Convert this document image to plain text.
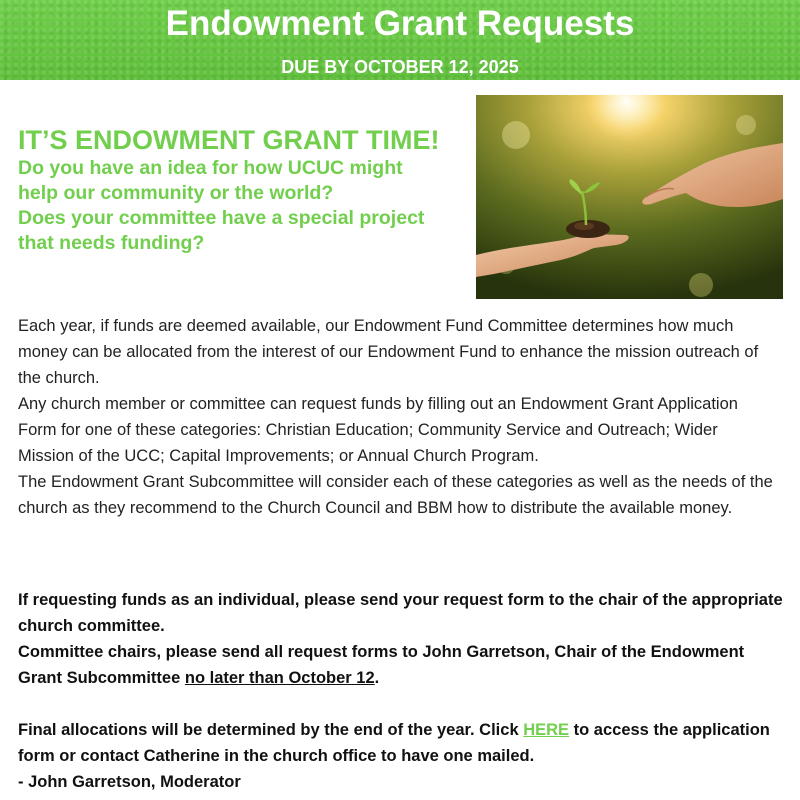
Endowment Grant Requests
DUE BY OCTOBER 12, 2025
IT’S ENDOWMENT GRANT TIME!
Do you have an idea for how UCUC might
help our community or the world?
Does your committee have a special project
that needs funding?

Each year, if funds are deemed available, our Endowment Fund Committee determines how much money can be allocated from the interest of our Endowment Fund to enhance the mission outreach of the church.

Any church member or committee can request funds by filling out an Endowment Grant Application Form for one of these categories: Christian Education; Community Service and Outreach; Wider Mission of the UCC; Capital Improvements; or Annual Church Program.

The Endowment Grant Subcommittee will consider each of these categories as well as the needs of the church as they recommend to the Church Council and BBM how to distribute the available money.

If requesting funds as an individual, please send your request form to the chair of the appropriate church committee.

Committee chairs, please send all request forms to John Garretson, Chair of the Endowment Grant Subcommittee no later than October 12.

Final allocations will be determined by the end of the year. Click HERE to access the application form or contact Catherine in the church office to have one mailed.

- John Garretson, Moderator
